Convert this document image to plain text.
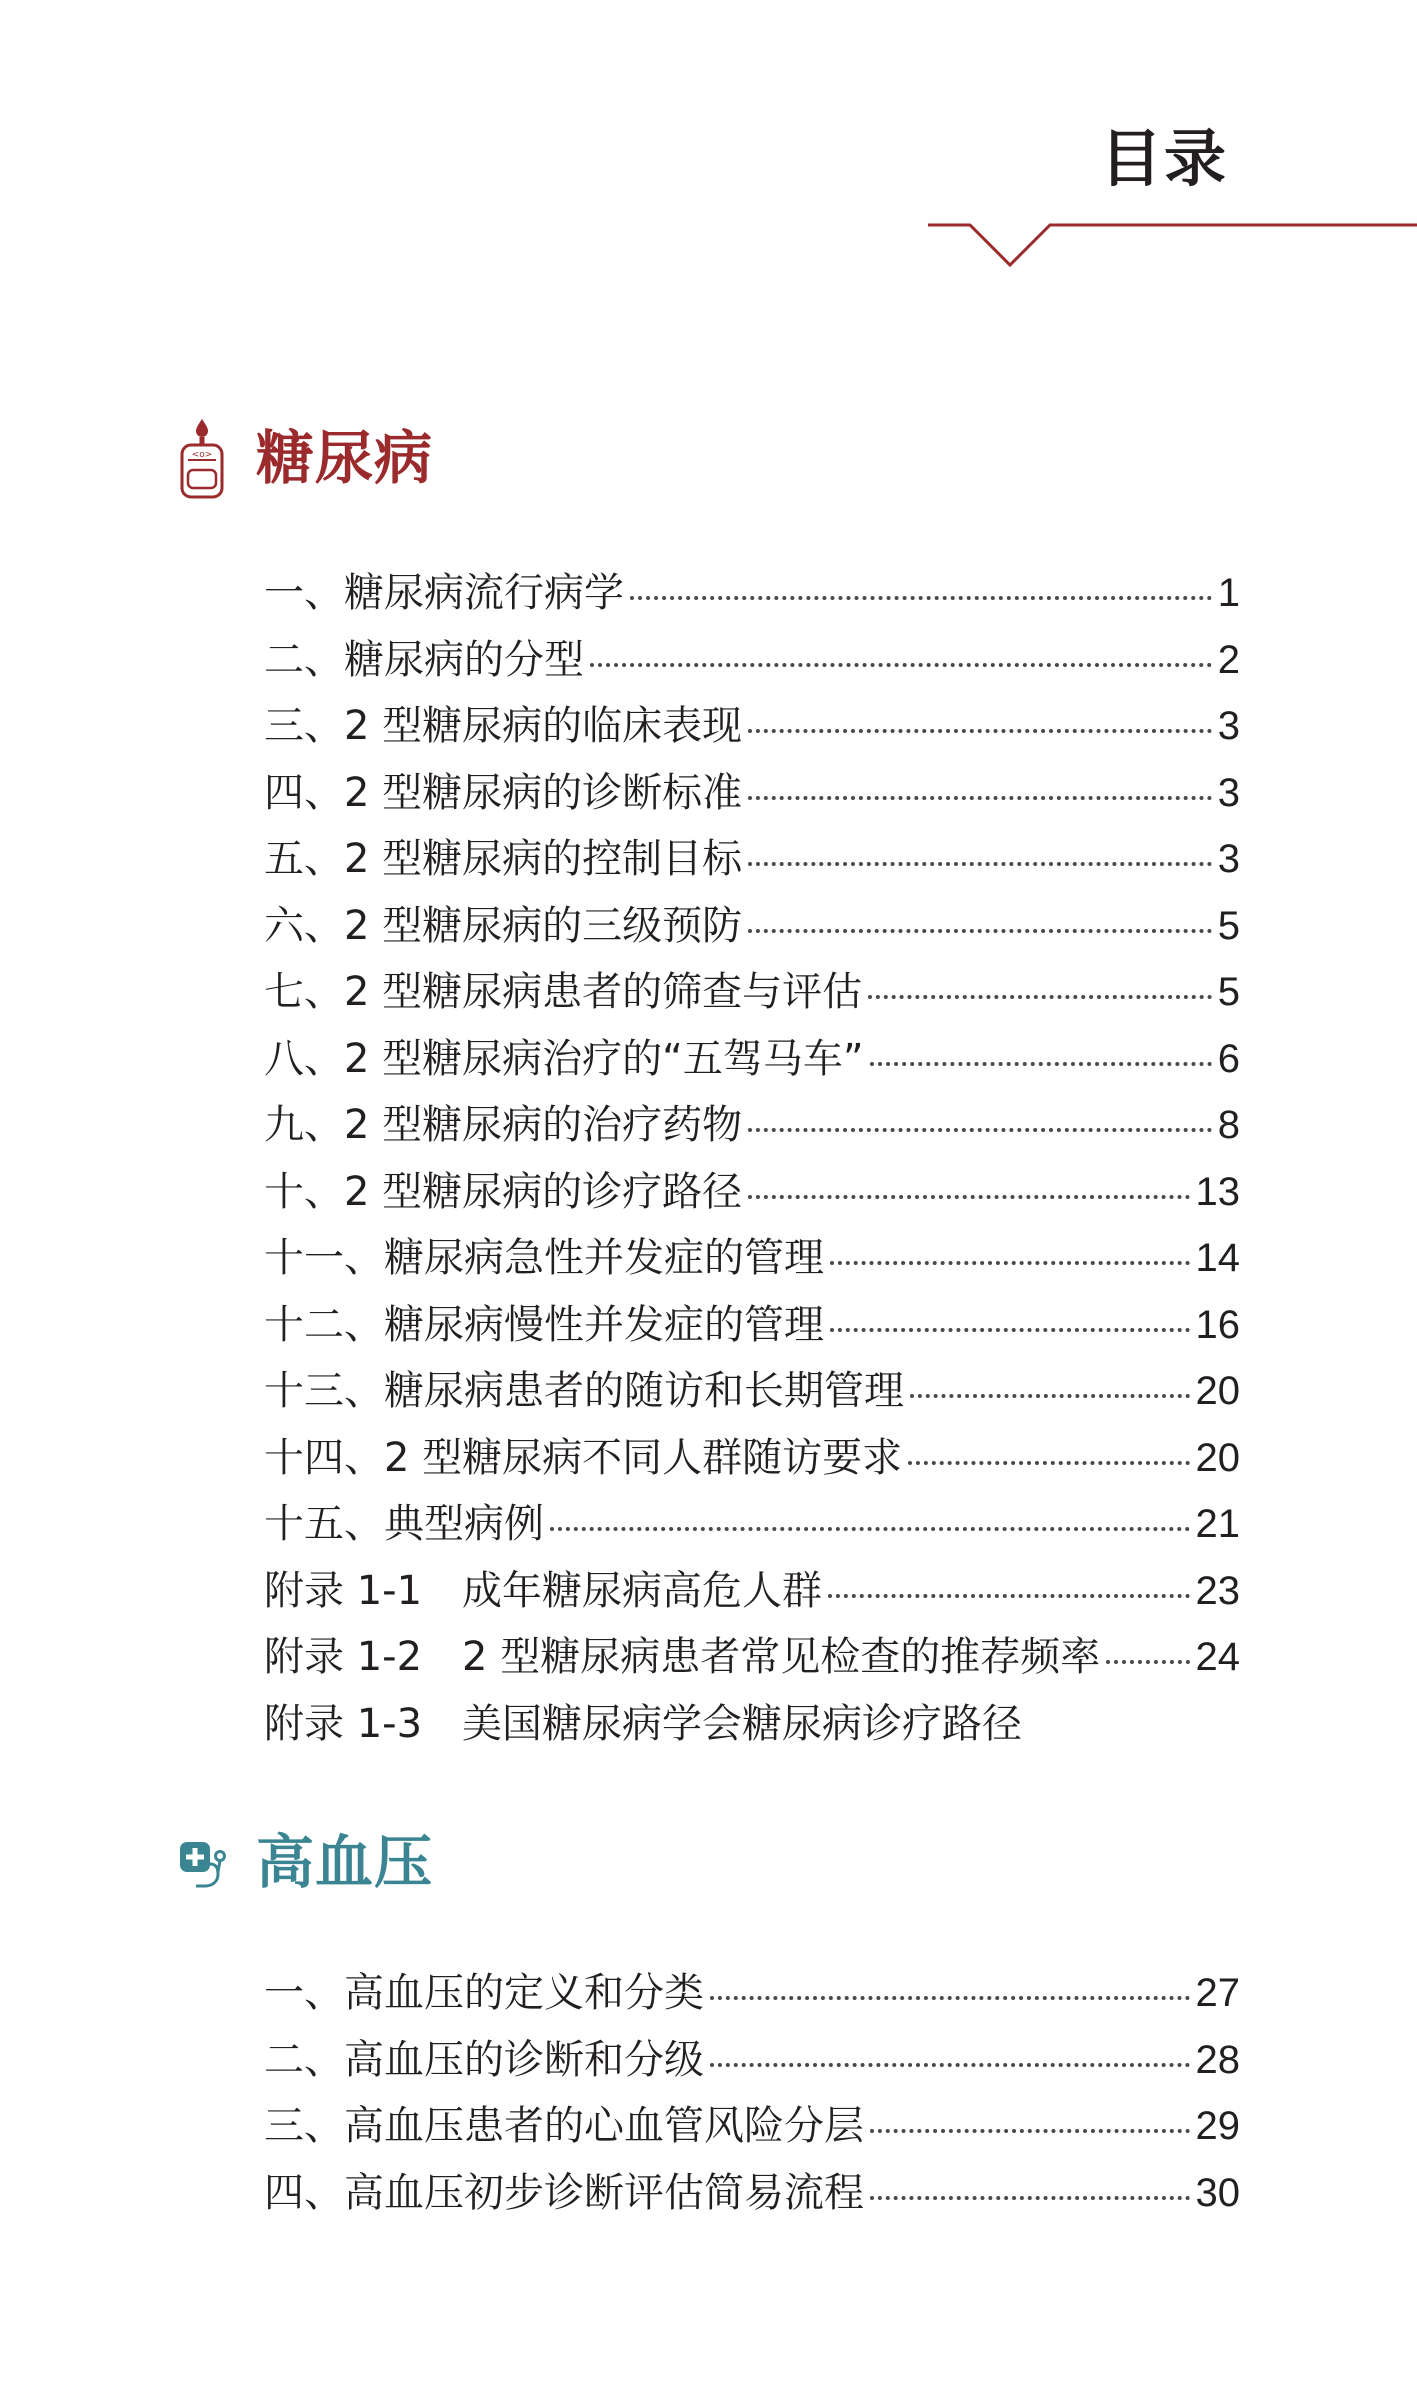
目录
<o> 糖尿病
一、糖尿病流行病学	1
二、糖尿病的分型	2
三、2 型糖尿病的临床表现	3
四、2 型糖尿病的诊断标准	3
五、2 型糖尿病的控制目标	3
六、2 型糖尿病的三级预防	5
七、2 型糖尿病患者的筛查与评估	5
八、2 型糖尿病治疗的“五驾马车”	6
九、2 型糖尿病的治疗药物	8
十、2 型糖尿病的诊疗路径	13
十一、糖尿病急性并发症的管理	14
十二、糖尿病慢性并发症的管理	16
十三、糖尿病患者的随访和长期管理	20
十四、2 型糖尿病不同人群随访要求	20
十五、典型病例	21
附录 1-1　成年糖尿病高危人群	23
附录 1-2　2 型糖尿病患者常见检查的推荐频率 24
附录 1-3　美国糖尿病学会糖尿病诊疗路径
高血压
一、高血压的定义和分类	27
二、高血压的诊断和分级	28
三、高血压患者的心血管风险分层	29
四、高血压初步诊断评估简易流程	30
